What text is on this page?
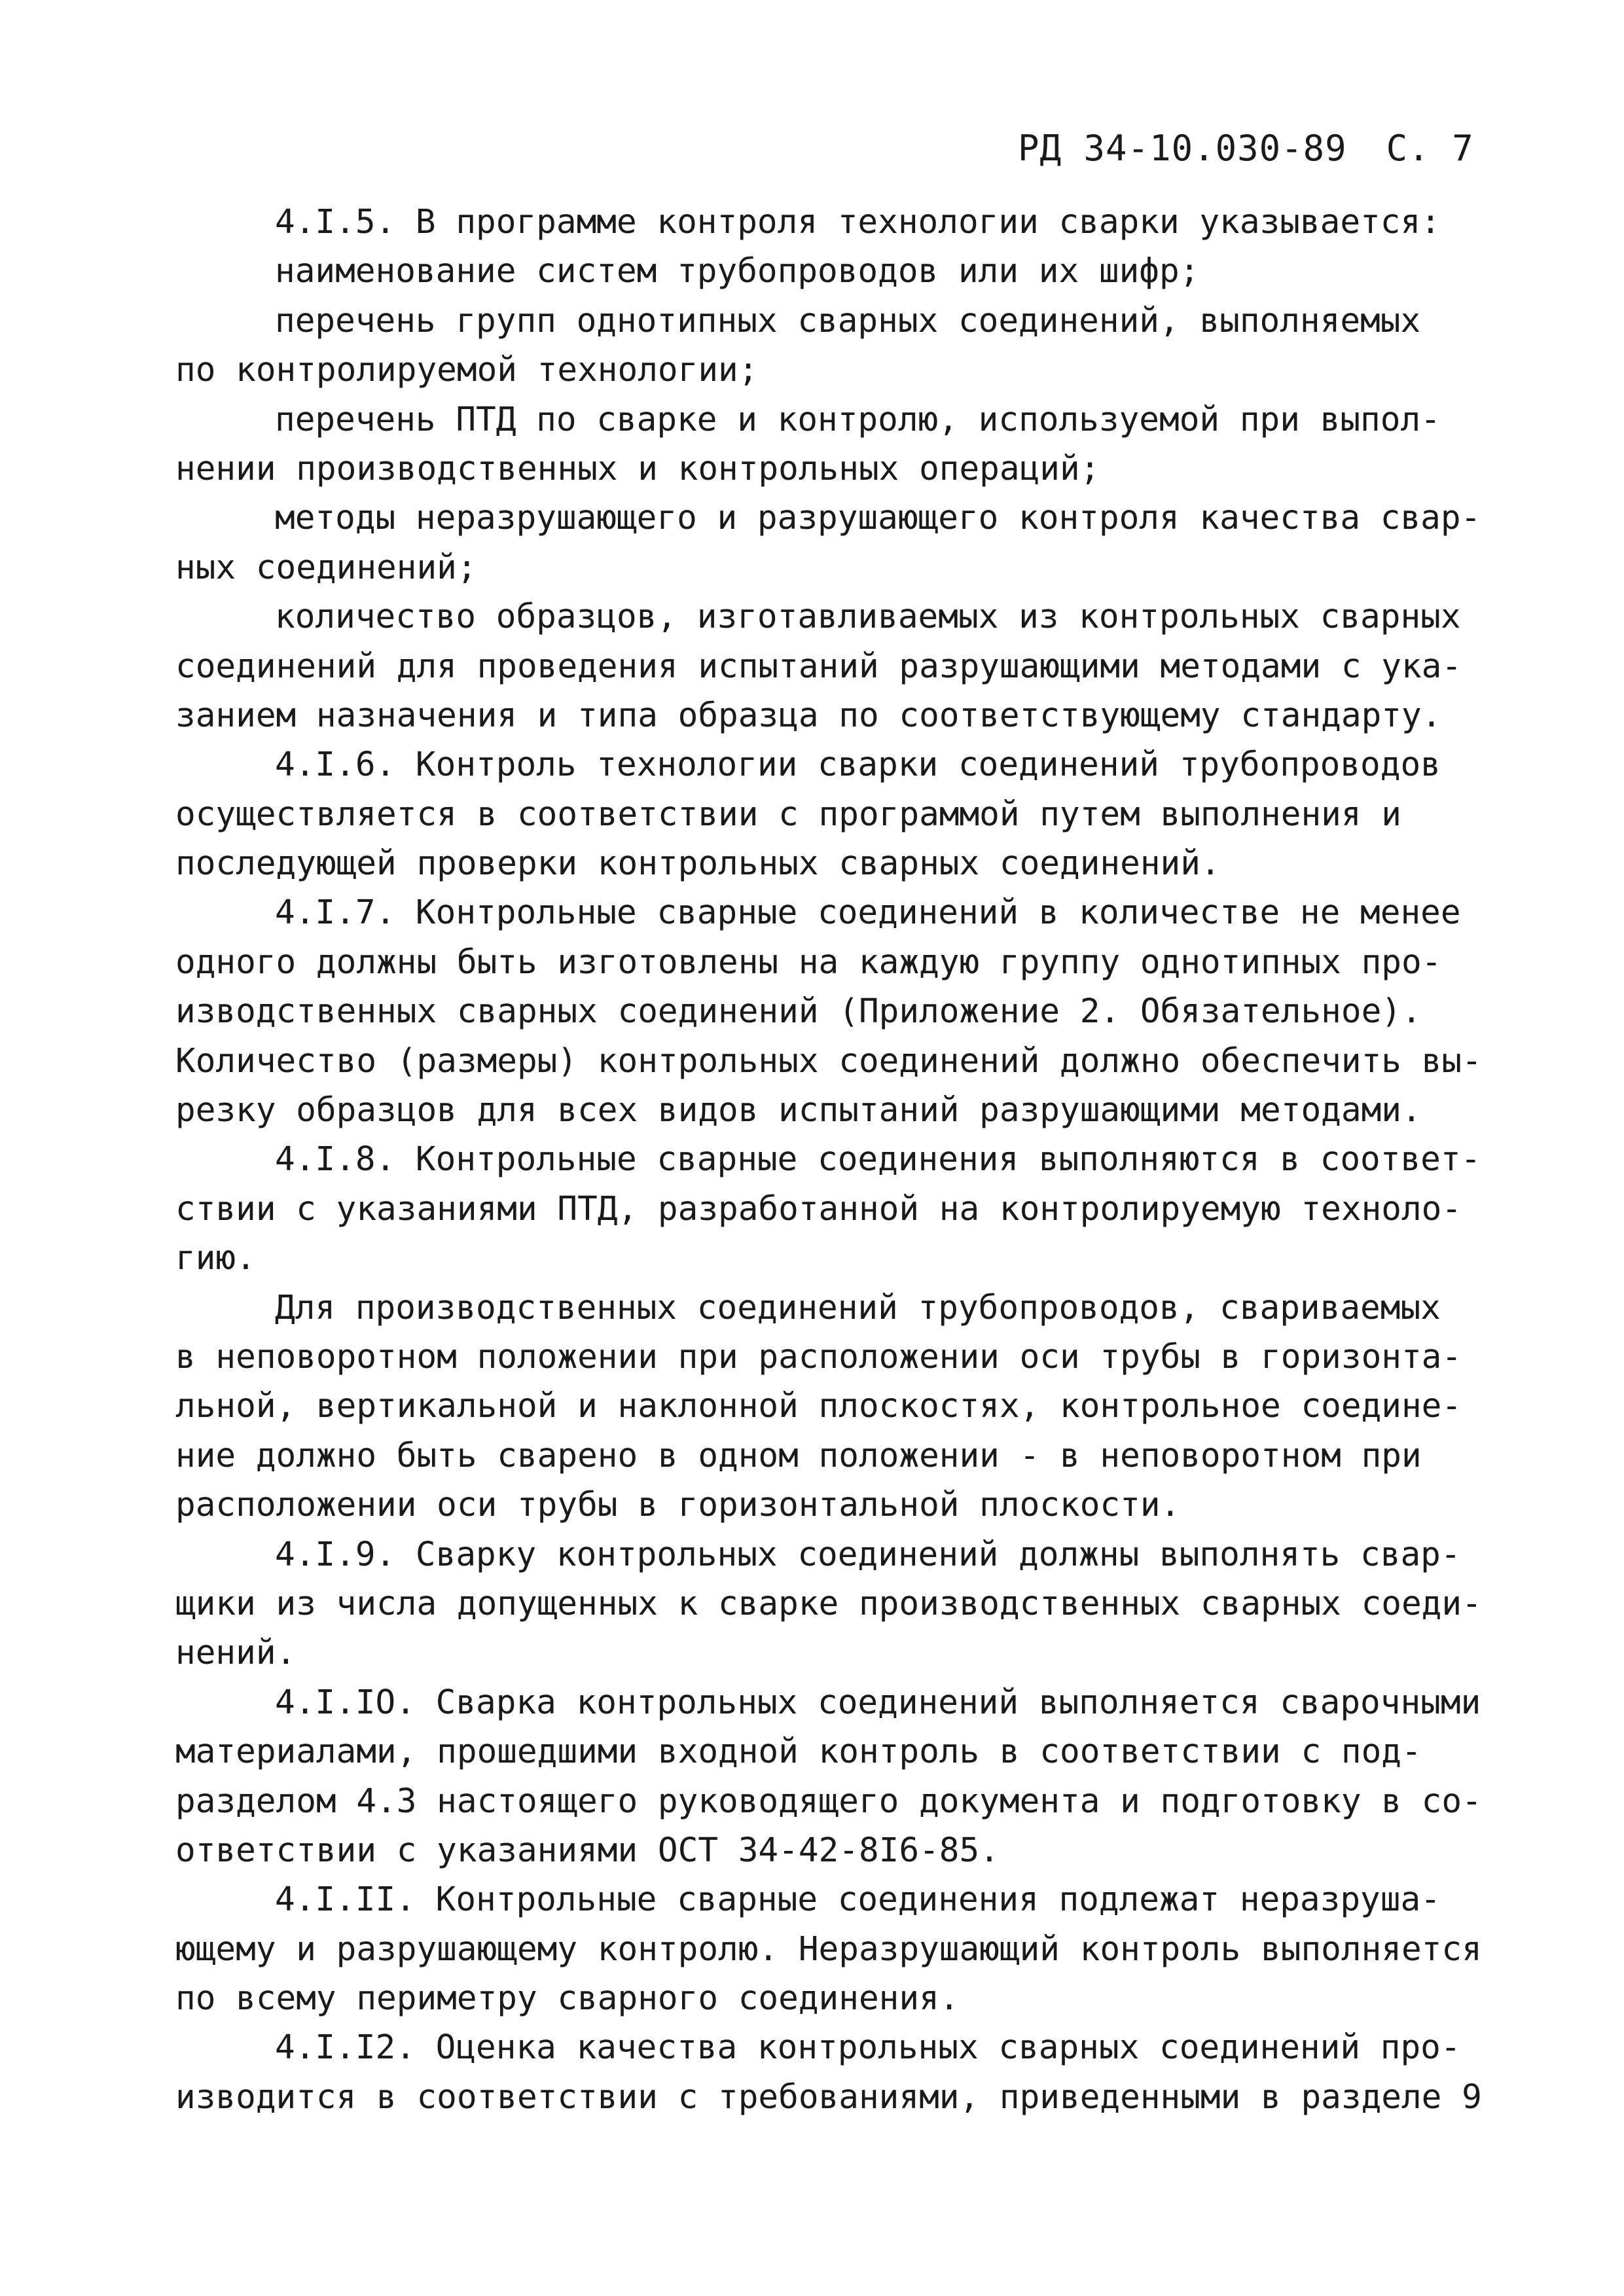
РД 34-10.030-89 С. 7
4.I.5. В программе контроля технологии сварки указывается:
наименование систем трубопроводов или их шифр;
перечень групп однотипных сварных соединений, выполняемых
по контролируемой технологии;
перечень ПТД по сварке и контролю, используемой при выпол-
нении производственных и контрольных операций;
методы неразрушающего и разрушающего контроля качества свар-
ных соединений;
количество образцов, изготавливаемых из контрольных сварных
соединений для проведения испытаний разрушающими методами с ука-
занием назначения и типа образца по соответствующему стандарту.
4.I.6. Контроль технологии сварки соединений трубопроводов
осуществляется в соответствии с программой путем выполнения и
последующей проверки контрольных сварных соединений.
4.I.7. Контрольные сварные соединений в количестве не менее
одного должны быть изготовлены на каждую группу однотипных про-
изводственных сварных соединений (Приложение 2. Обязательное).
Количество (размеры) контрольных соединений должно обеспечить вы-
резку образцов для всех видов испытаний разрушающими методами.
4.I.8. Контрольные сварные соединения выполняются в соответ-
ствии с указаниями ПТД, разработанной на контролируемую техноло-
гию.
Для производственных соединений трубопроводов, свариваемых
в неповоротном положении при расположении оси трубы в горизонта-
льной, вертикальной и наклонной плоскостях, контрольное соедине-
ние должно быть сварено в одном положении - в неповоротном при
расположении оси трубы в горизонтальной плоскости.
4.I.9. Сварку контрольных соединений должны выполнять свар-
щики из числа допущенных к сварке производственных сварных соеди-
нений.
4.I.IO. Сварка контрольных соединений выполняется сварочными
материалами, прошедшими входной контроль в соответствии с под-
разделом 4.3 настоящего руководящего документа и подготовку в со-
ответствии с указаниями ОСТ 34-42-8I6-85.
4.I.II. Контрольные сварные соединения подлежат неразруша-
ющему и разрушающему контролю. Неразрушающий контроль выполняется
по всему периметру сварного соединения.
4.I.I2. Оценка качества контрольных сварных соединений про-
изводится в соответствии с требованиями, приведенными в разделе 9
